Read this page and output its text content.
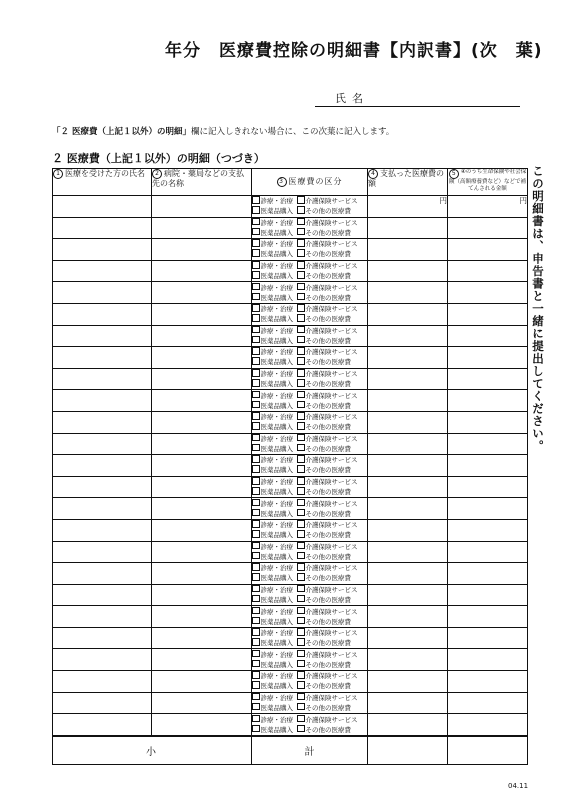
年分　医療費控除の明細書【内訳書】(次　葉)
氏名
「２ 医療費（上記１以外）の明細」欄に記入しきれない場合に、この次葉に記入します。
２ 医療費（上記１以外）の明細（つづき）
この明細書は、申告書と一緒に提出してください。
1 医療を受けた方の氏名	2 病院・薬局などの支払先の名称	3 医療費の区分	4 支払った医療費の額	5 ④のうち生命保険や社会保険（高額療養費など）などで補てんされる金額

		診療・治療 介護保険サービス
医薬品購入 その他の医療費	円	円

		診療・治療 介護保険サービス
医薬品購入 その他の医療費		

		診療・治療 介護保険サービス
医薬品購入 その他の医療費		

		診療・治療 介護保険サービス
医薬品購入 その他の医療費		

		診療・治療 介護保険サービス
医薬品購入 その他の医療費		

		診療・治療 介護保険サービス
医薬品購入 その他の医療費		

		診療・治療 介護保険サービス
医薬品購入 その他の医療費		

		診療・治療 介護保険サービス
医薬品購入 その他の医療費		

		診療・治療 介護保険サービス
医薬品購入 その他の医療費		

		診療・治療 介護保険サービス
医薬品購入 その他の医療費		

		診療・治療 介護保険サービス
医薬品購入 その他の医療費		

		診療・治療 介護保険サービス
医薬品購入 その他の医療費		

		診療・治療 介護保険サービス
医薬品購入 その他の医療費		

		診療・治療 介護保険サービス
医薬品購入 その他の医療費		

		診療・治療 介護保険サービス
医薬品購入 その他の医療費		

		診療・治療 介護保険サービス
医薬品購入 その他の医療費		

		診療・治療 介護保険サービス
医薬品購入 その他の医療費		

		診療・治療 介護保険サービス
医薬品購入 その他の医療費		

		診療・治療 介護保険サービス
医薬品購入 その他の医療費		

		診療・治療 介護保険サービス
医薬品購入 その他の医療費		

		診療・治療 介護保険サービス
医薬品購入 その他の医療費		

		診療・治療 介護保険サービス
医薬品購入 その他の医療費		

		診療・治療 介護保険サービス
医薬品購入 その他の医療費		

		診療・治療 介護保険サービス
医薬品購入 その他の医療費		

		診療・治療 介護保険サービス
医薬品購入 その他の医療費		

小		計		
04.11
